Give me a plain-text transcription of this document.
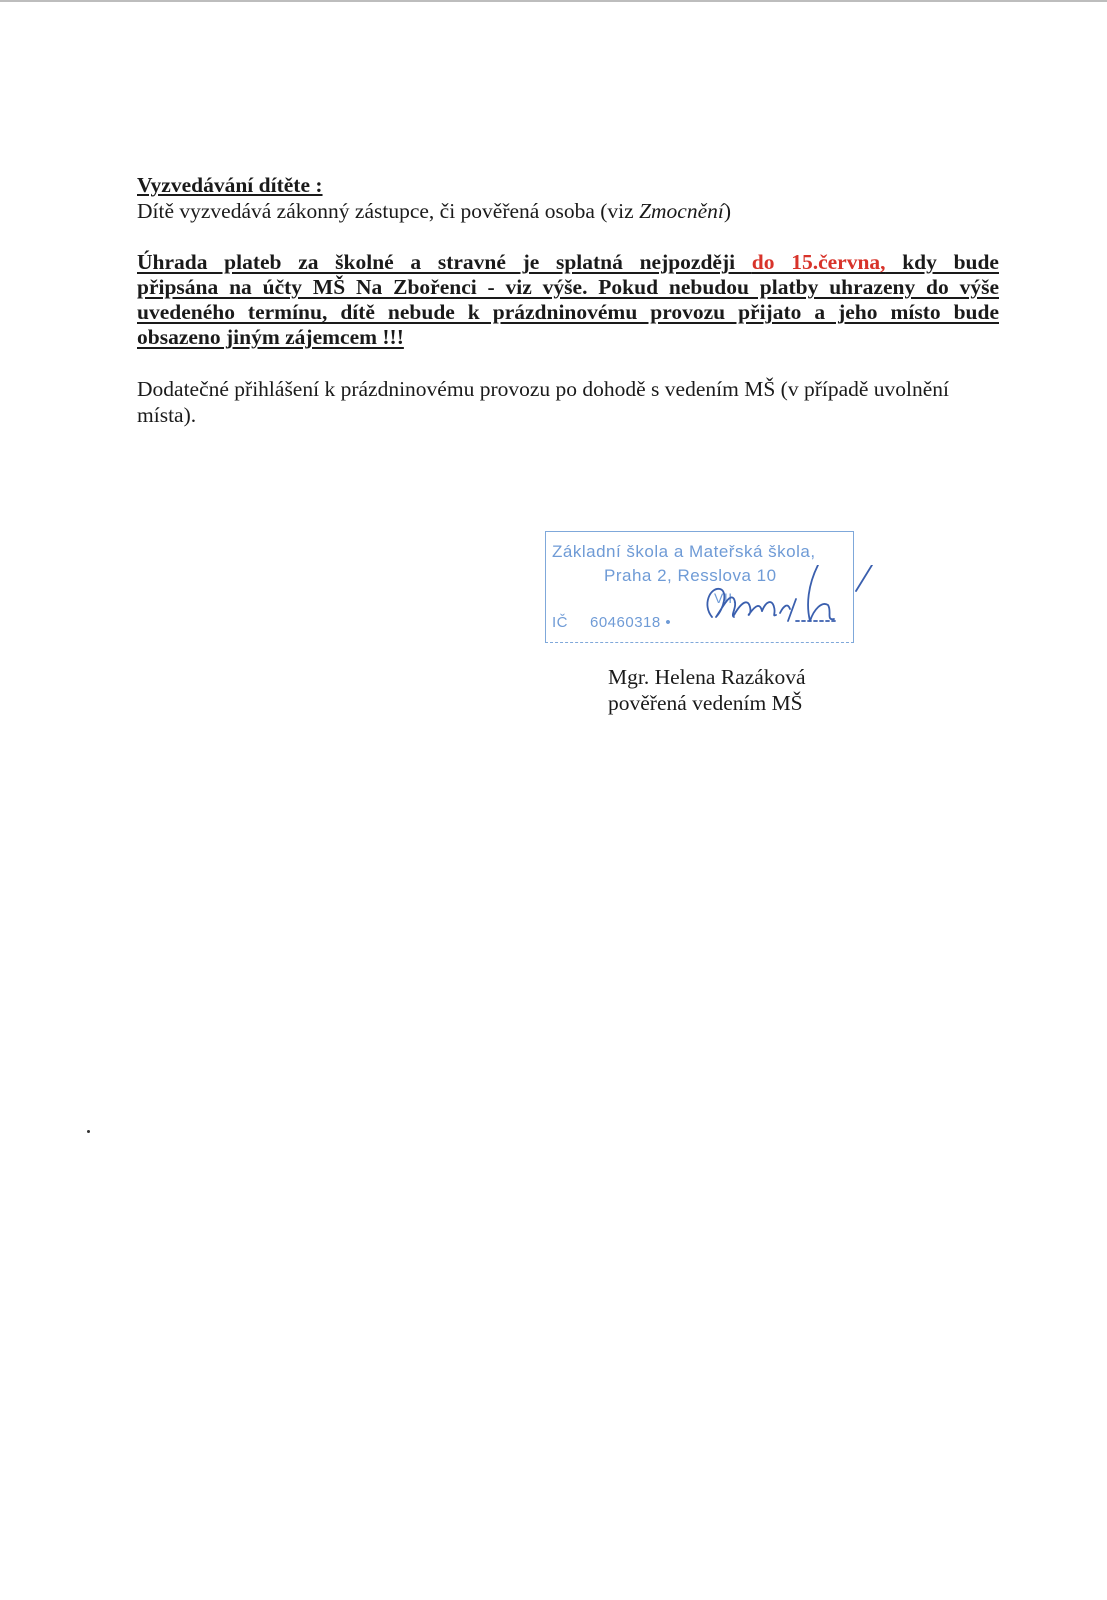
Vyzvedávání dítěte :
Dítě vyzvedává zákonný zástupce, či pověřená osoba (viz Zmocnění)
Úhrada plateb za školné a stravné je splatná nejpozději do 15.června, kdy bude
připsána na účty MŠ Na Zbořenci - viz výše. Pokud nebudou platby uhrazeny do výše
uvedeného termínu, dítě nebude k prázdninovému provozu přijato a jeho místo bude
obsazeno jiným zájemcem !!!
Dodatečné přihlášení k prázdninovému provozu po dohodě s vedením MŠ (v případě uvolnění
místa).
Základní škola a Mateřská škola,
Praha 2, Resslova 10
VII.
IČ 60460318 •
Mgr. Helena Razáková
pověřená vedením MŠ
